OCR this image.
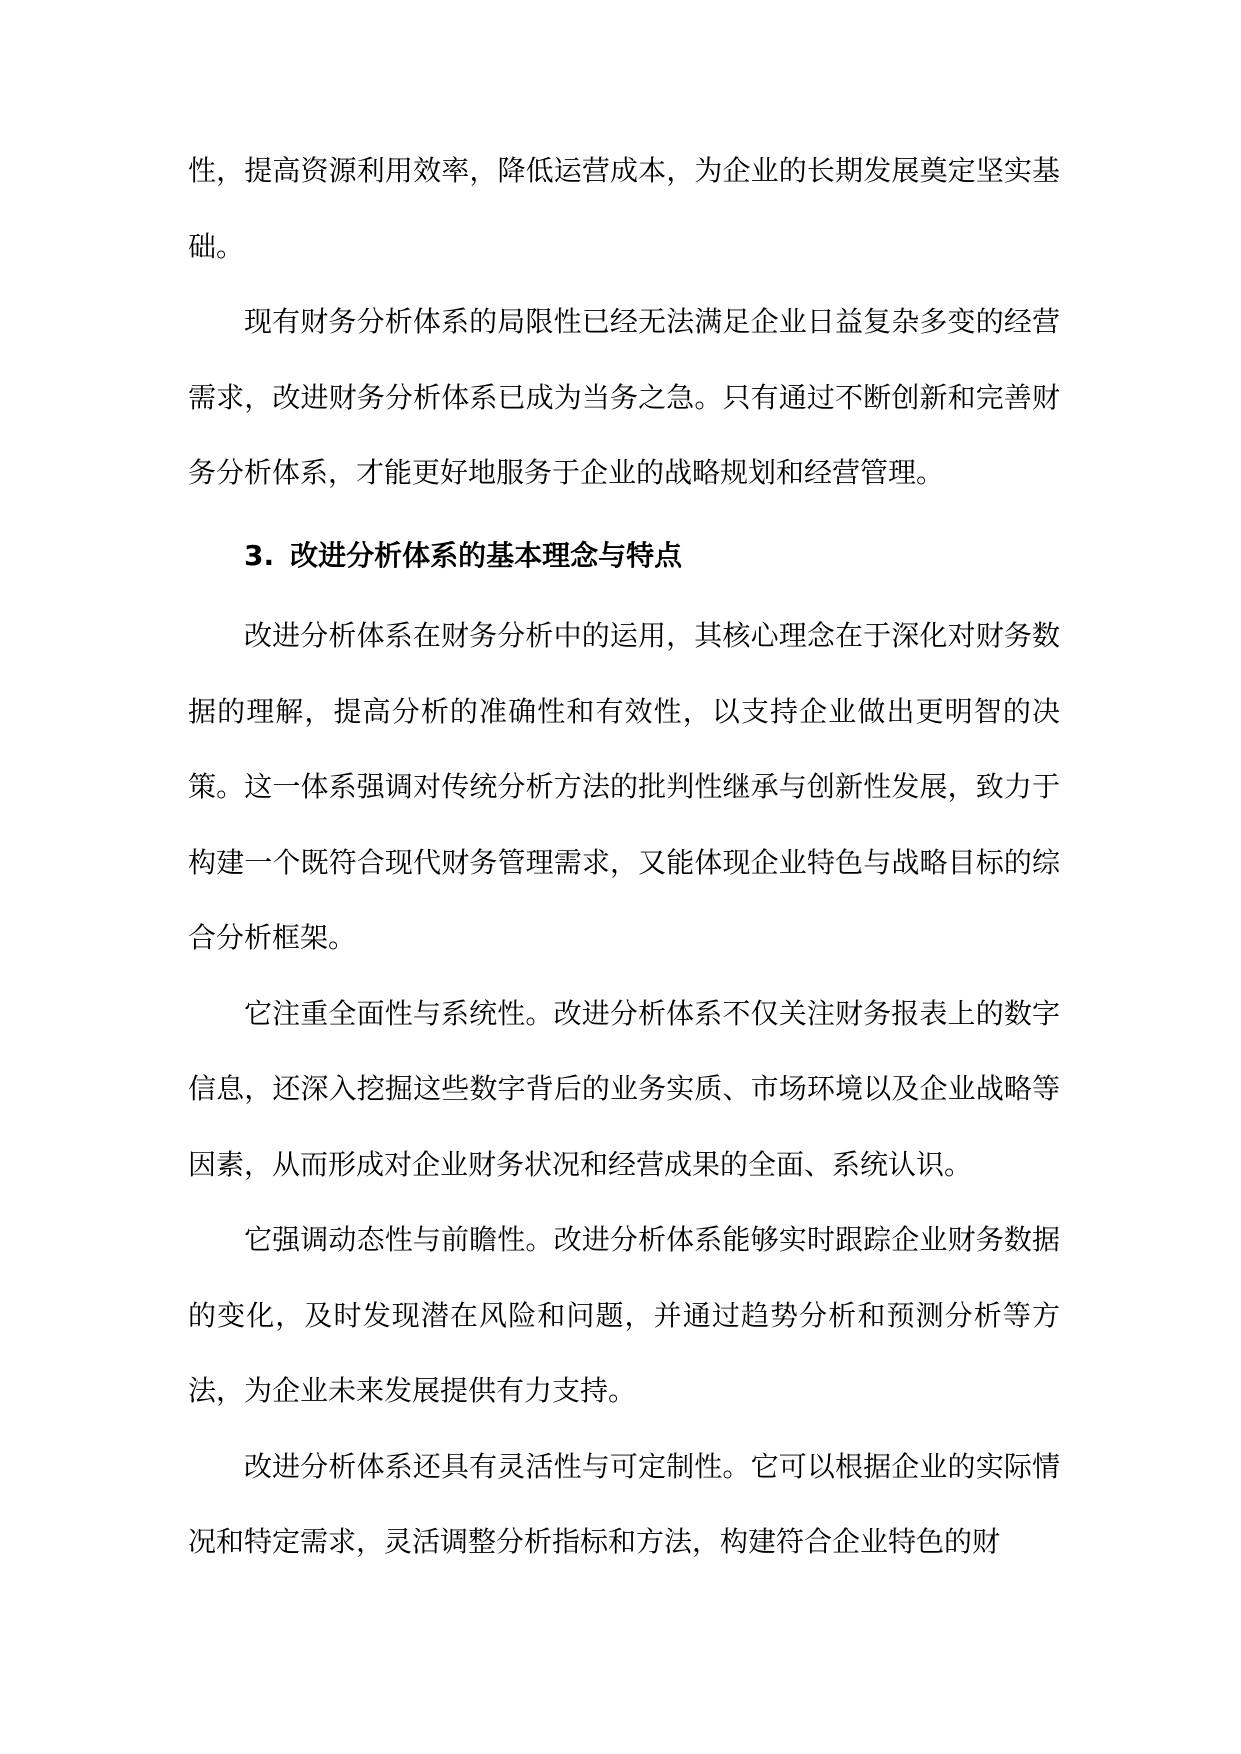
性，提高资源利用效率，降低运营成本，为企业的长期发展奠定坚实基础。

现有财务分析体系的局限性已经无法满足企业日益复杂多变的经营需求，改进财务分析体系已成为当务之急。只有通过不断创新和完善财务分析体系，才能更好地服务于企业的战略规划和经营管理。

3. 改进分析体系的基本理念与特点

改进分析体系在财务分析中的运用，其核心理念在于深化对财务数据的理解，提高分析的准确性和有效性，以支持企业做出更明智的决策。这一体系强调对传统分析方法的批判性继承与创新性发展，致力于构建一个既符合现代财务管理需求，又能体现企业特色与战略目标的综合分析框架。

它注重全面性与系统性。改进分析体系不仅关注财务报表上的数字信息，还深入挖掘这些数字背后的业务实质、市场环境以及企业战略等因素，从而形成对企业财务状况和经营成果的全面、系统认识。

它强调动态性与前瞻性。改进分析体系能够实时跟踪企业财务数据的变化，及时发现潜在风险和问题，并通过趋势分析和预测分析等方法，为企业未来发展提供有力支持。

改进分析体系还具有灵活性与可定制性。它可以根据企业的实际情况和特定需求，灵活调整分析指标和方法，构建符合企业特色的财
